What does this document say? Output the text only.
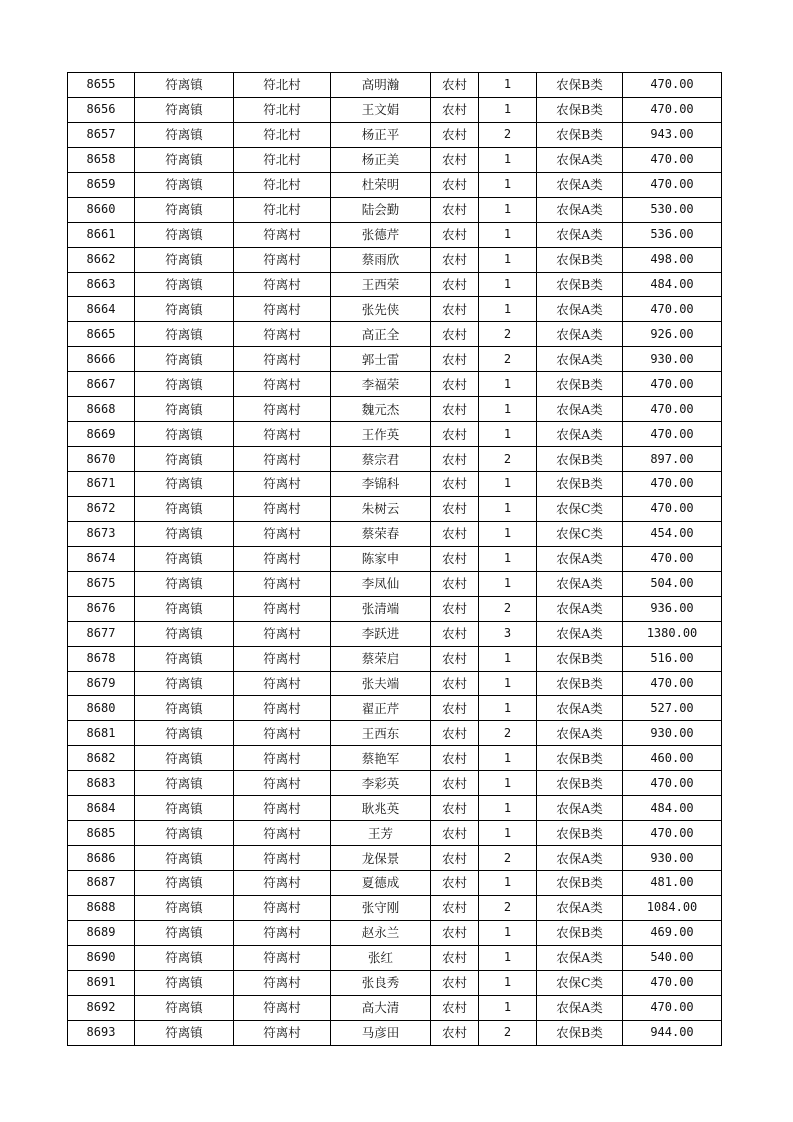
8655	符离镇	符北村	高明瀚	农村	1	农保B类	470.00
8656	符离镇	符北村	王文娟	农村	1	农保B类	470.00
8657	符离镇	符北村	杨正平	农村	2	农保B类	943.00
8658	符离镇	符北村	杨正美	农村	1	农保A类	470.00
8659	符离镇	符北村	杜荣明	农村	1	农保A类	470.00
8660	符离镇	符北村	陆会勤	农村	1	农保A类	530.00
8661	符离镇	符离村	张德芹	农村	1	农保A类	536.00
8662	符离镇	符离村	蔡雨欣	农村	1	农保B类	498.00
8663	符离镇	符离村	王西荣	农村	1	农保B类	484.00
8664	符离镇	符离村	张先侠	农村	1	农保A类	470.00
8665	符离镇	符离村	高正全	农村	2	农保A类	926.00
8666	符离镇	符离村	郭士雷	农村	2	农保A类	930.00
8667	符离镇	符离村	李福荣	农村	1	农保B类	470.00
8668	符离镇	符离村	魏元杰	农村	1	农保A类	470.00
8669	符离镇	符离村	王作英	农村	1	农保A类	470.00
8670	符离镇	符离村	蔡宗君	农村	2	农保B类	897.00
8671	符离镇	符离村	李锦科	农村	1	农保B类	470.00
8672	符离镇	符离村	朱树云	农村	1	农保C类	470.00
8673	符离镇	符离村	蔡荣春	农村	1	农保C类	454.00
8674	符离镇	符离村	陈家申	农村	1	农保A类	470.00
8675	符离镇	符离村	李凤仙	农村	1	农保A类	504.00
8676	符离镇	符离村	张清端	农村	2	农保A类	936.00
8677	符离镇	符离村	李跃进	农村	3	农保A类	1380.00
8678	符离镇	符离村	蔡荣启	农村	1	农保B类	516.00
8679	符离镇	符离村	张夫端	农村	1	农保B类	470.00
8680	符离镇	符离村	翟正芹	农村	1	农保A类	527.00
8681	符离镇	符离村	王西东	农村	2	农保A类	930.00
8682	符离镇	符离村	蔡艳军	农村	1	农保B类	460.00
8683	符离镇	符离村	李彩英	农村	1	农保B类	470.00
8684	符离镇	符离村	耿兆英	农村	1	农保A类	484.00
8685	符离镇	符离村	王芳	农村	1	农保B类	470.00
8686	符离镇	符离村	龙保景	农村	2	农保A类	930.00
8687	符离镇	符离村	夏德成	农村	1	农保B类	481.00
8688	符离镇	符离村	张守刚	农村	2	农保A类	1084.00
8689	符离镇	符离村	赵永兰	农村	1	农保B类	469.00
8690	符离镇	符离村	张红	农村	1	农保A类	540.00
8691	符离镇	符离村	张良秀	农村	1	农保C类	470.00
8692	符离镇	符离村	高大清	农村	1	农保A类	470.00
8693	符离镇	符离村	马彦田	农村	2	农保B类	944.00
